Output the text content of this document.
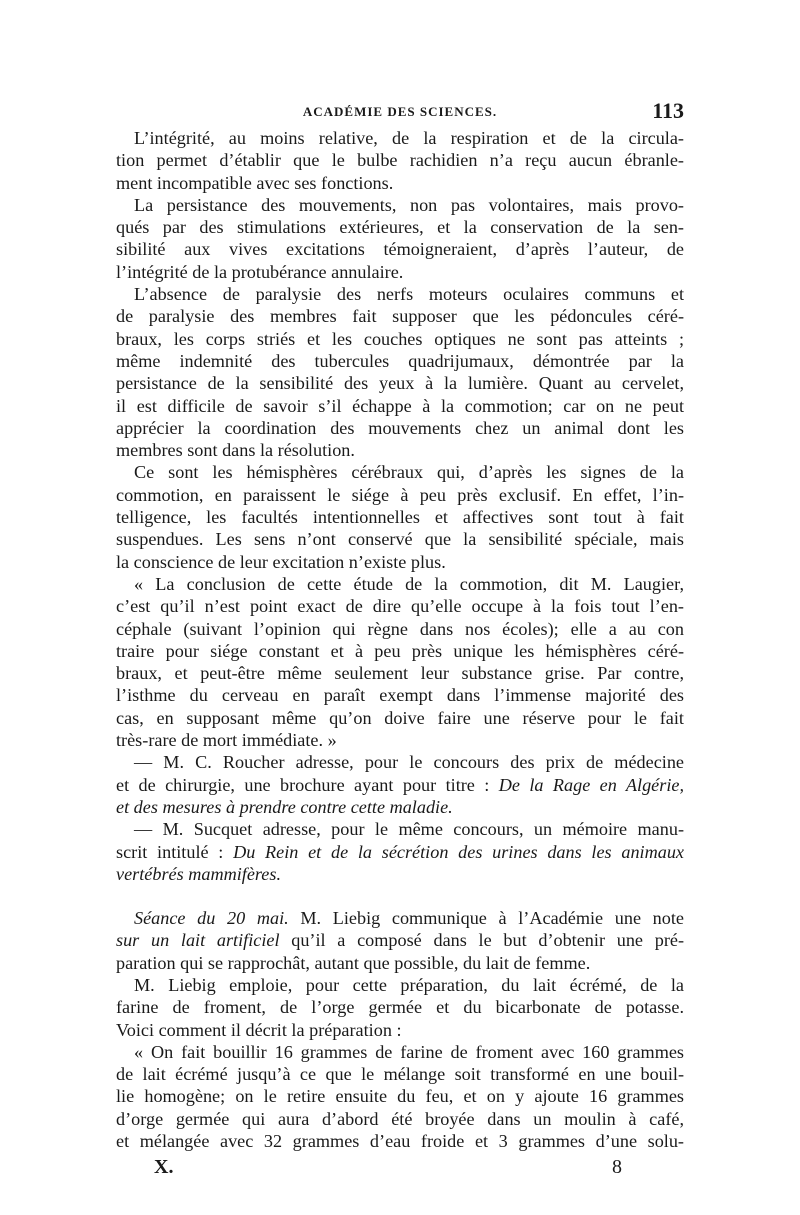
ACADÉMIE DES SCIENCES.	113
L’intégrité, au moins relative, de la respiration et de la circula-
tion permet d’établir que le bulbe rachidien n’a reçu aucun ébranle-
ment incompatible avec ses fonctions.
La persistance des mouvements, non pas volontaires, mais provo-
qués par des stimulations extérieures, et la conservation de la sen-
sibilité aux vives excitations témoigneraient, d’après l’auteur, de
l’intégrité de la protubérance annulaire.
L’absence de paralysie des nerfs moteurs oculaires communs et
de paralysie des membres fait supposer que les pédoncules céré-
braux, les corps striés et les couches optiques ne sont pas atteints ;
même indemnité des tubercules quadrijumaux, démontrée par la
persistance de la sensibilité des yeux à la lumière. Quant au cervelet,
il est difficile de savoir s’il échappe à la commotion; car on ne peut
apprécier la coordination des mouvements chez un animal dont les
membres sont dans la résolution.
Ce sont les hémisphères cérébraux qui, d’après les signes de la
commotion, en paraissent le siége à peu près exclusif. En effet, l’in-
telligence, les facultés intentionnelles et affectives sont tout à fait
suspendues. Les sens n’ont conservé que la sensibilité spéciale, mais
la conscience de leur excitation n’existe plus.
« La conclusion de cette étude de la commotion, dit M. Laugier,
c’est qu’il n’est point exact de dire qu’elle occupe à la fois tout l’en-
céphale (suivant l’opinion qui règne dans nos écoles); elle a au con
traire pour siége constant et à peu près unique les hémisphères céré-
braux, et peut-être même seulement leur substance grise. Par contre,
l’isthme du cerveau en paraît exempt dans l’immense majorité des
cas, en supposant même qu’on doive faire une réserve pour le fait
très-rare de mort immédiate. »
— M. C. Roucher adresse, pour le concours des prix de médecine
et de chirurgie, une brochure ayant pour titre : De la Rage en Algérie,
et des mesures à prendre contre cette maladie.
— M. Sucquet adresse, pour le même concours, un mémoire manu-
scrit intitulé : Du Rein et de la sécrétion des urines dans les animaux
vertébrés mammifères.
Séance du 20 mai. M. Liebig communique à l’Académie une note
sur un lait artificiel qu’il a composé dans le but d’obtenir une pré-
paration qui se rapprochât, autant que possible, du lait de femme.
M. Liebig emploie, pour cette préparation, du lait écrémé, de la
farine de froment, de l’orge germée et du bicarbonate de potasse.
Voici comment il décrit la préparation :
« On fait bouillir 16 grammes de farine de froment avec 160 grammes
de lait écrémé jusqu’à ce que le mélange soit transformé en une bouil-
lie homogène; on le retire ensuite du feu, et on y ajoute 16 grammes
d’orge germée qui aura d’abord été broyée dans un moulin à café,
et mélangée avec 32 grammes d’eau froide et 3 grammes d’une solu-
X.	8
